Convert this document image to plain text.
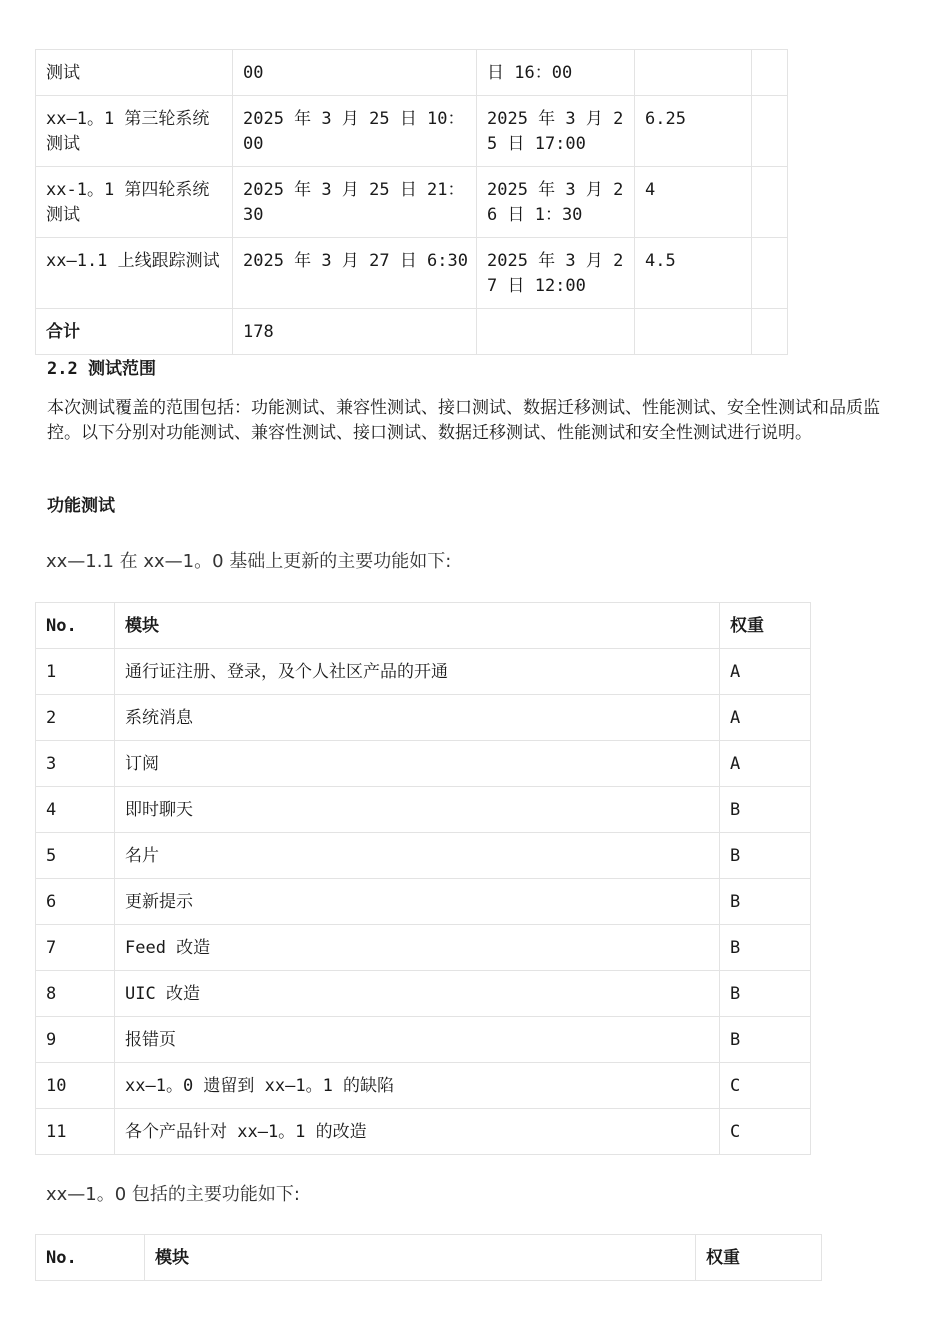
测试	00	日 16：00		
xx—1。1 第三轮系统测试	2025 年 3 月 25 日 10：00	2025 年 3 月 25 日 17:00	6.25	
xx-1。1 第四轮系统测试	2025 年 3 月 25 日 21：30	2025 年 3 月 26 日 1：30	4	
xx—1.1 上线跟踪测试	2025 年 3 月 27 日 6:30	2025 年 3 月 27 日 12:00	4.5	
合计	178			
2.2 测试范围
本次测试覆盖的范围包括：功能测试、兼容性测试、接口测试、数据迁移测试、性能测试、安全性测试和品质监控。以下分别对功能测试、兼容性测试、接口测试、数据迁移测试、性能测试和安全性测试进行说明。
功能测试
xx—1.1 在 xx—1。0 基础上更新的主要功能如下:
No.	模块	权重
1	通行证注册、登录，及个人社区产品的开通	A
2	系统消息	A
3	订阅	A
4	即时聊天	B
5	名片	B
6	更新提示	B
7	Feed 改造	B
8	UIC 改造	B
9	报错页	B
10	xx—1。0 遗留到 xx—1。1 的缺陷	C
11	各个产品针对 xx—1。1 的改造	C
xx—1。0 包括的主要功能如下:
No.	模块	权重
